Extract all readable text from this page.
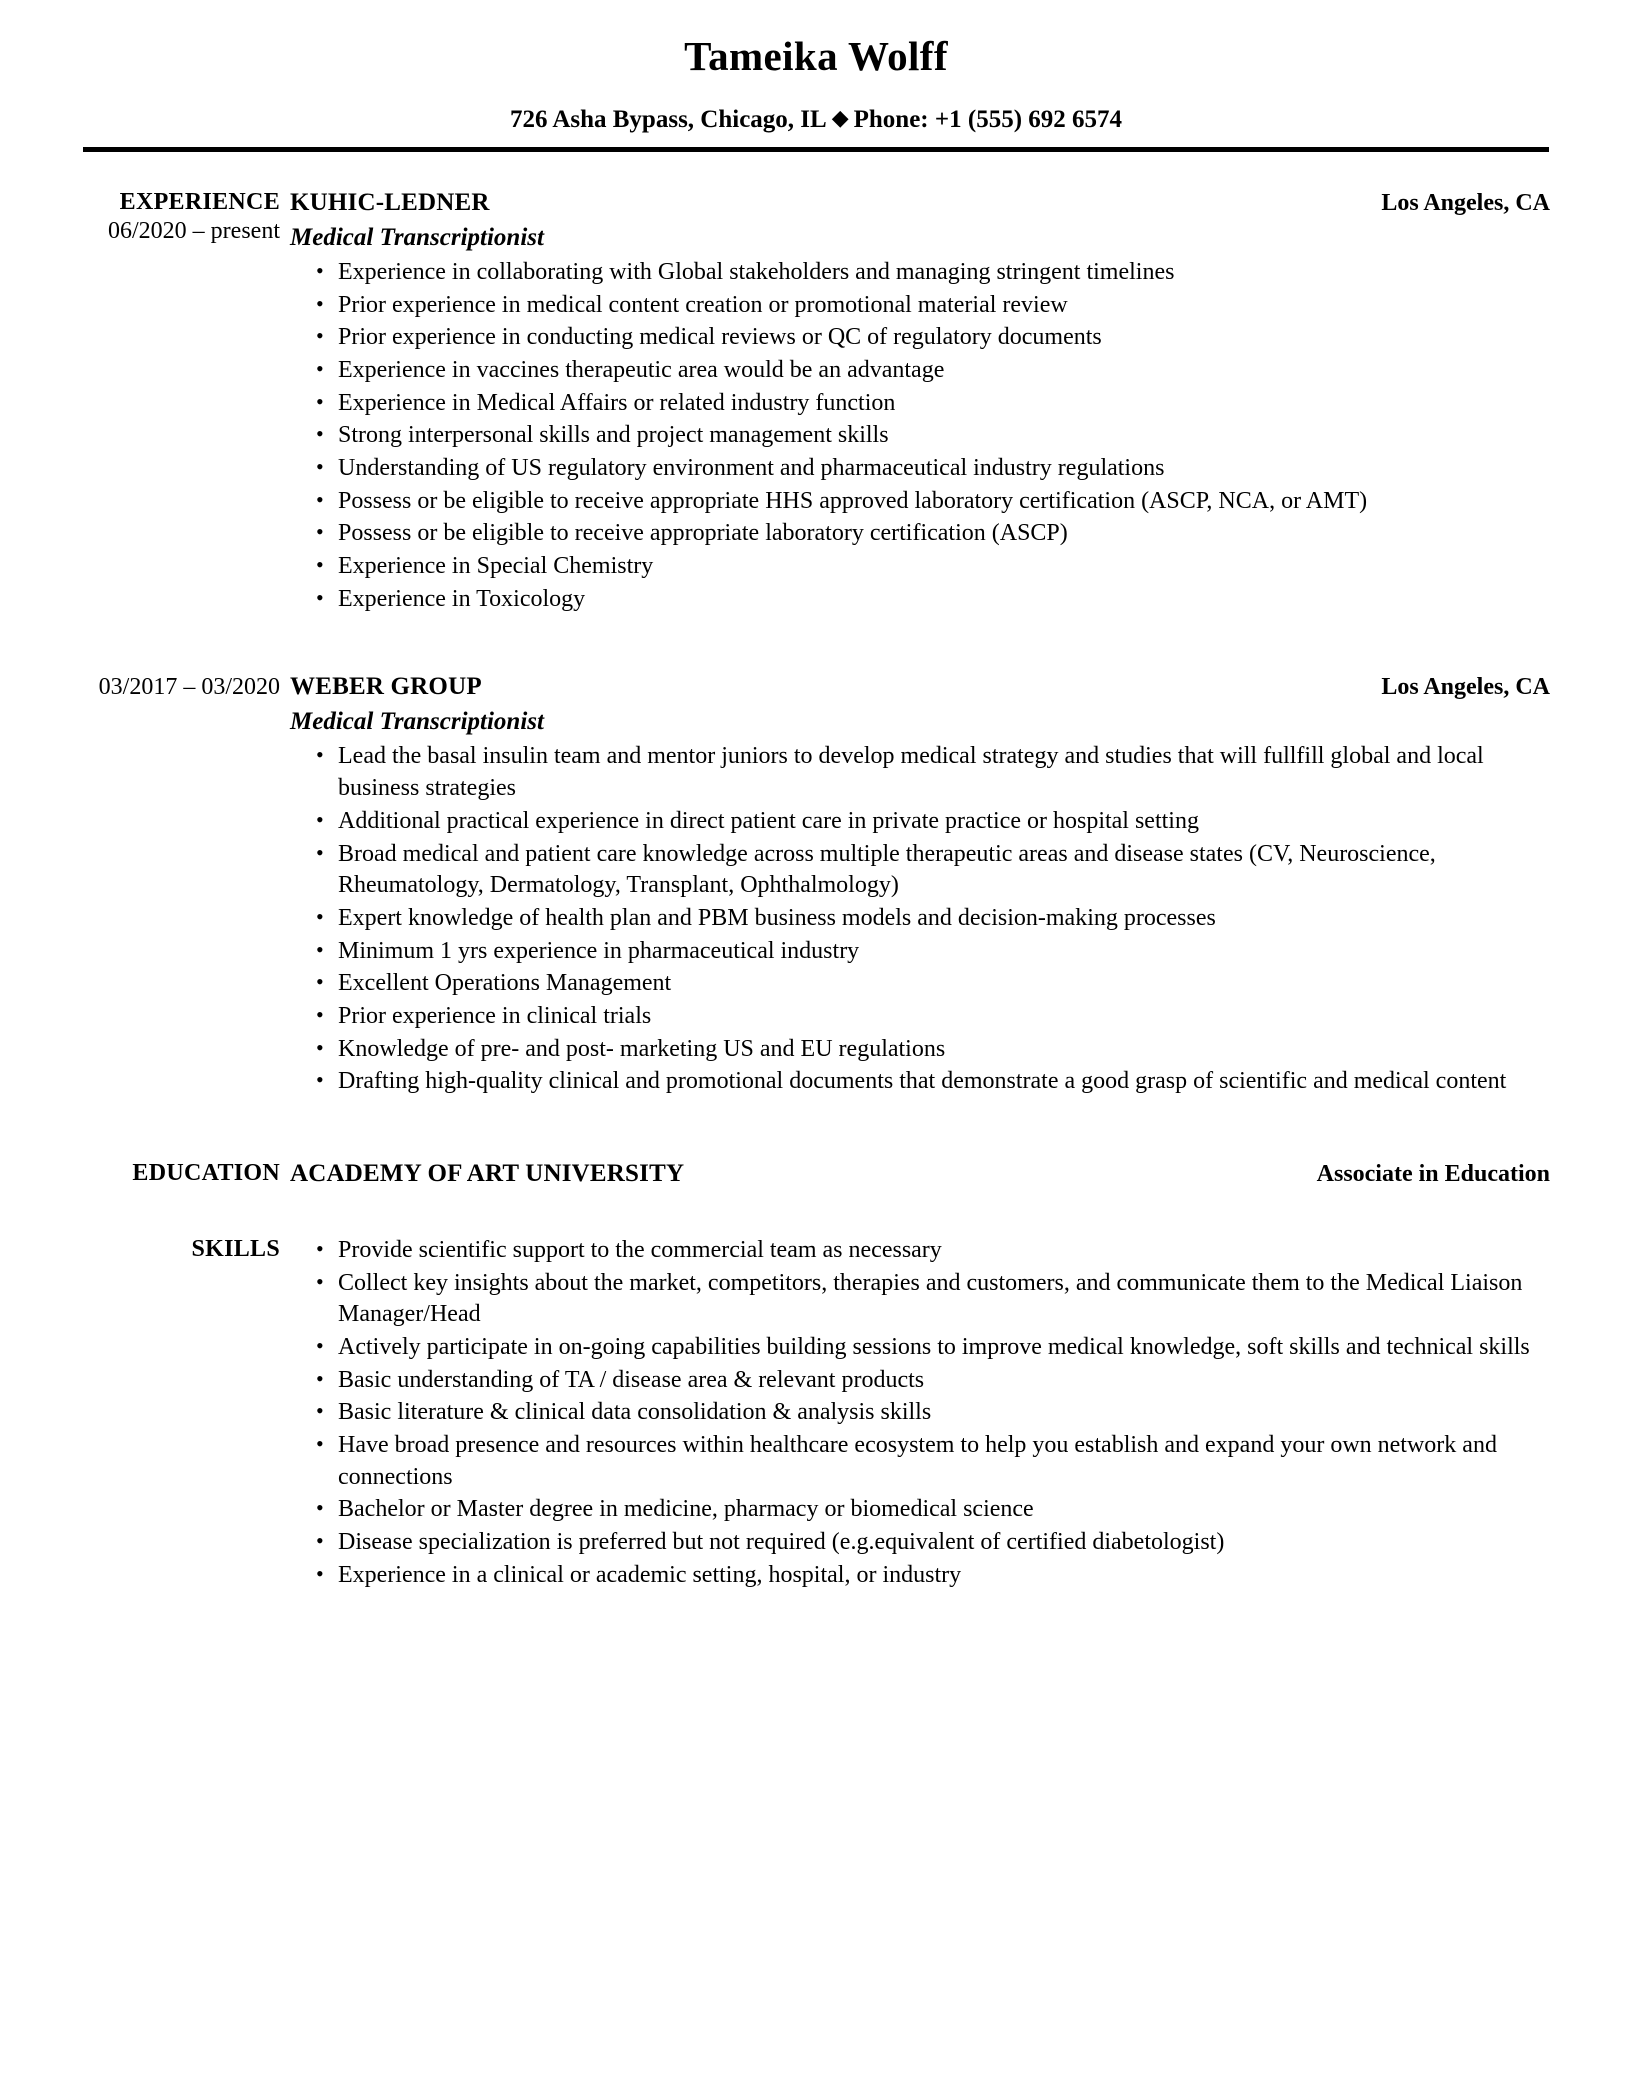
Tameika Wolff
726 Asha Bypass, Chicago, IL ◆ Phone: +1 (555) 692 6574
EXPERIENCE
06/2020 – present
KUHIC-LEDNER	Los Angeles, CA
Medical Transcriptionist
• Experience in collaborating with Global stakeholders and managing stringent timelines
• Prior experience in medical content creation or promotional material review
• Prior experience in conducting medical reviews or QC of regulatory documents
• Experience in vaccines therapeutic area would be an advantage
• Experience in Medical Affairs or related industry function
• Strong interpersonal skills and project management skills
• Understanding of US regulatory environment and pharmaceutical industry regulations
• Possess or be eligible to receive appropriate HHS approved laboratory certification (ASCP, NCA, or AMT)
• Possess or be eligible to receive appropriate laboratory certification (ASCP)
• Experience in Special Chemistry
• Experience in Toxicology
03/2017 – 03/2020 WEBER GROUP	Los Angeles, CA
Medical Transcriptionist
• Lead the basal insulin team and mentor juniors to develop medical strategy and studies that will fullfill global and local business strategies
• Additional practical experience in direct patient care in private practice or hospital setting
• Broad medical and patient care knowledge across multiple therapeutic areas and disease states (CV, Neuroscience, Rheumatology, Dermatology, Transplant, Ophthalmology)
• Expert knowledge of health plan and PBM business models and decision-making processes
• Minimum 1 yrs experience in pharmaceutical industry
• Excellent Operations Management
• Prior experience in clinical trials
• Knowledge of pre- and post- marketing US and EU regulations
• Drafting high-quality clinical and promotional documents that demonstrate a good grasp of scientific and medical content
EDUCATION ACADEMY OF ART UNIVERSITY	Associate in Education
SKILLS	• Provide scientific support to the commercial team as necessary
• Collect key insights about the market, competitors, therapies and customers, and communicate them to the Medical Liaison Manager/Head
• Actively participate in on-going capabilities building sessions to improve medical knowledge, soft skills and technical skills
• Basic understanding of TA / disease area & relevant products
• Basic literature & clinical data consolidation & analysis skills
• Have broad presence and resources within healthcare ecosystem to help you establish and expand your own network and connections
• Bachelor or Master degree in medicine, pharmacy or biomedical science
• Disease specialization is preferred but not required (e.g.equivalent of certified diabetologist)
• Experience in a clinical or academic setting, hospital, or industry
